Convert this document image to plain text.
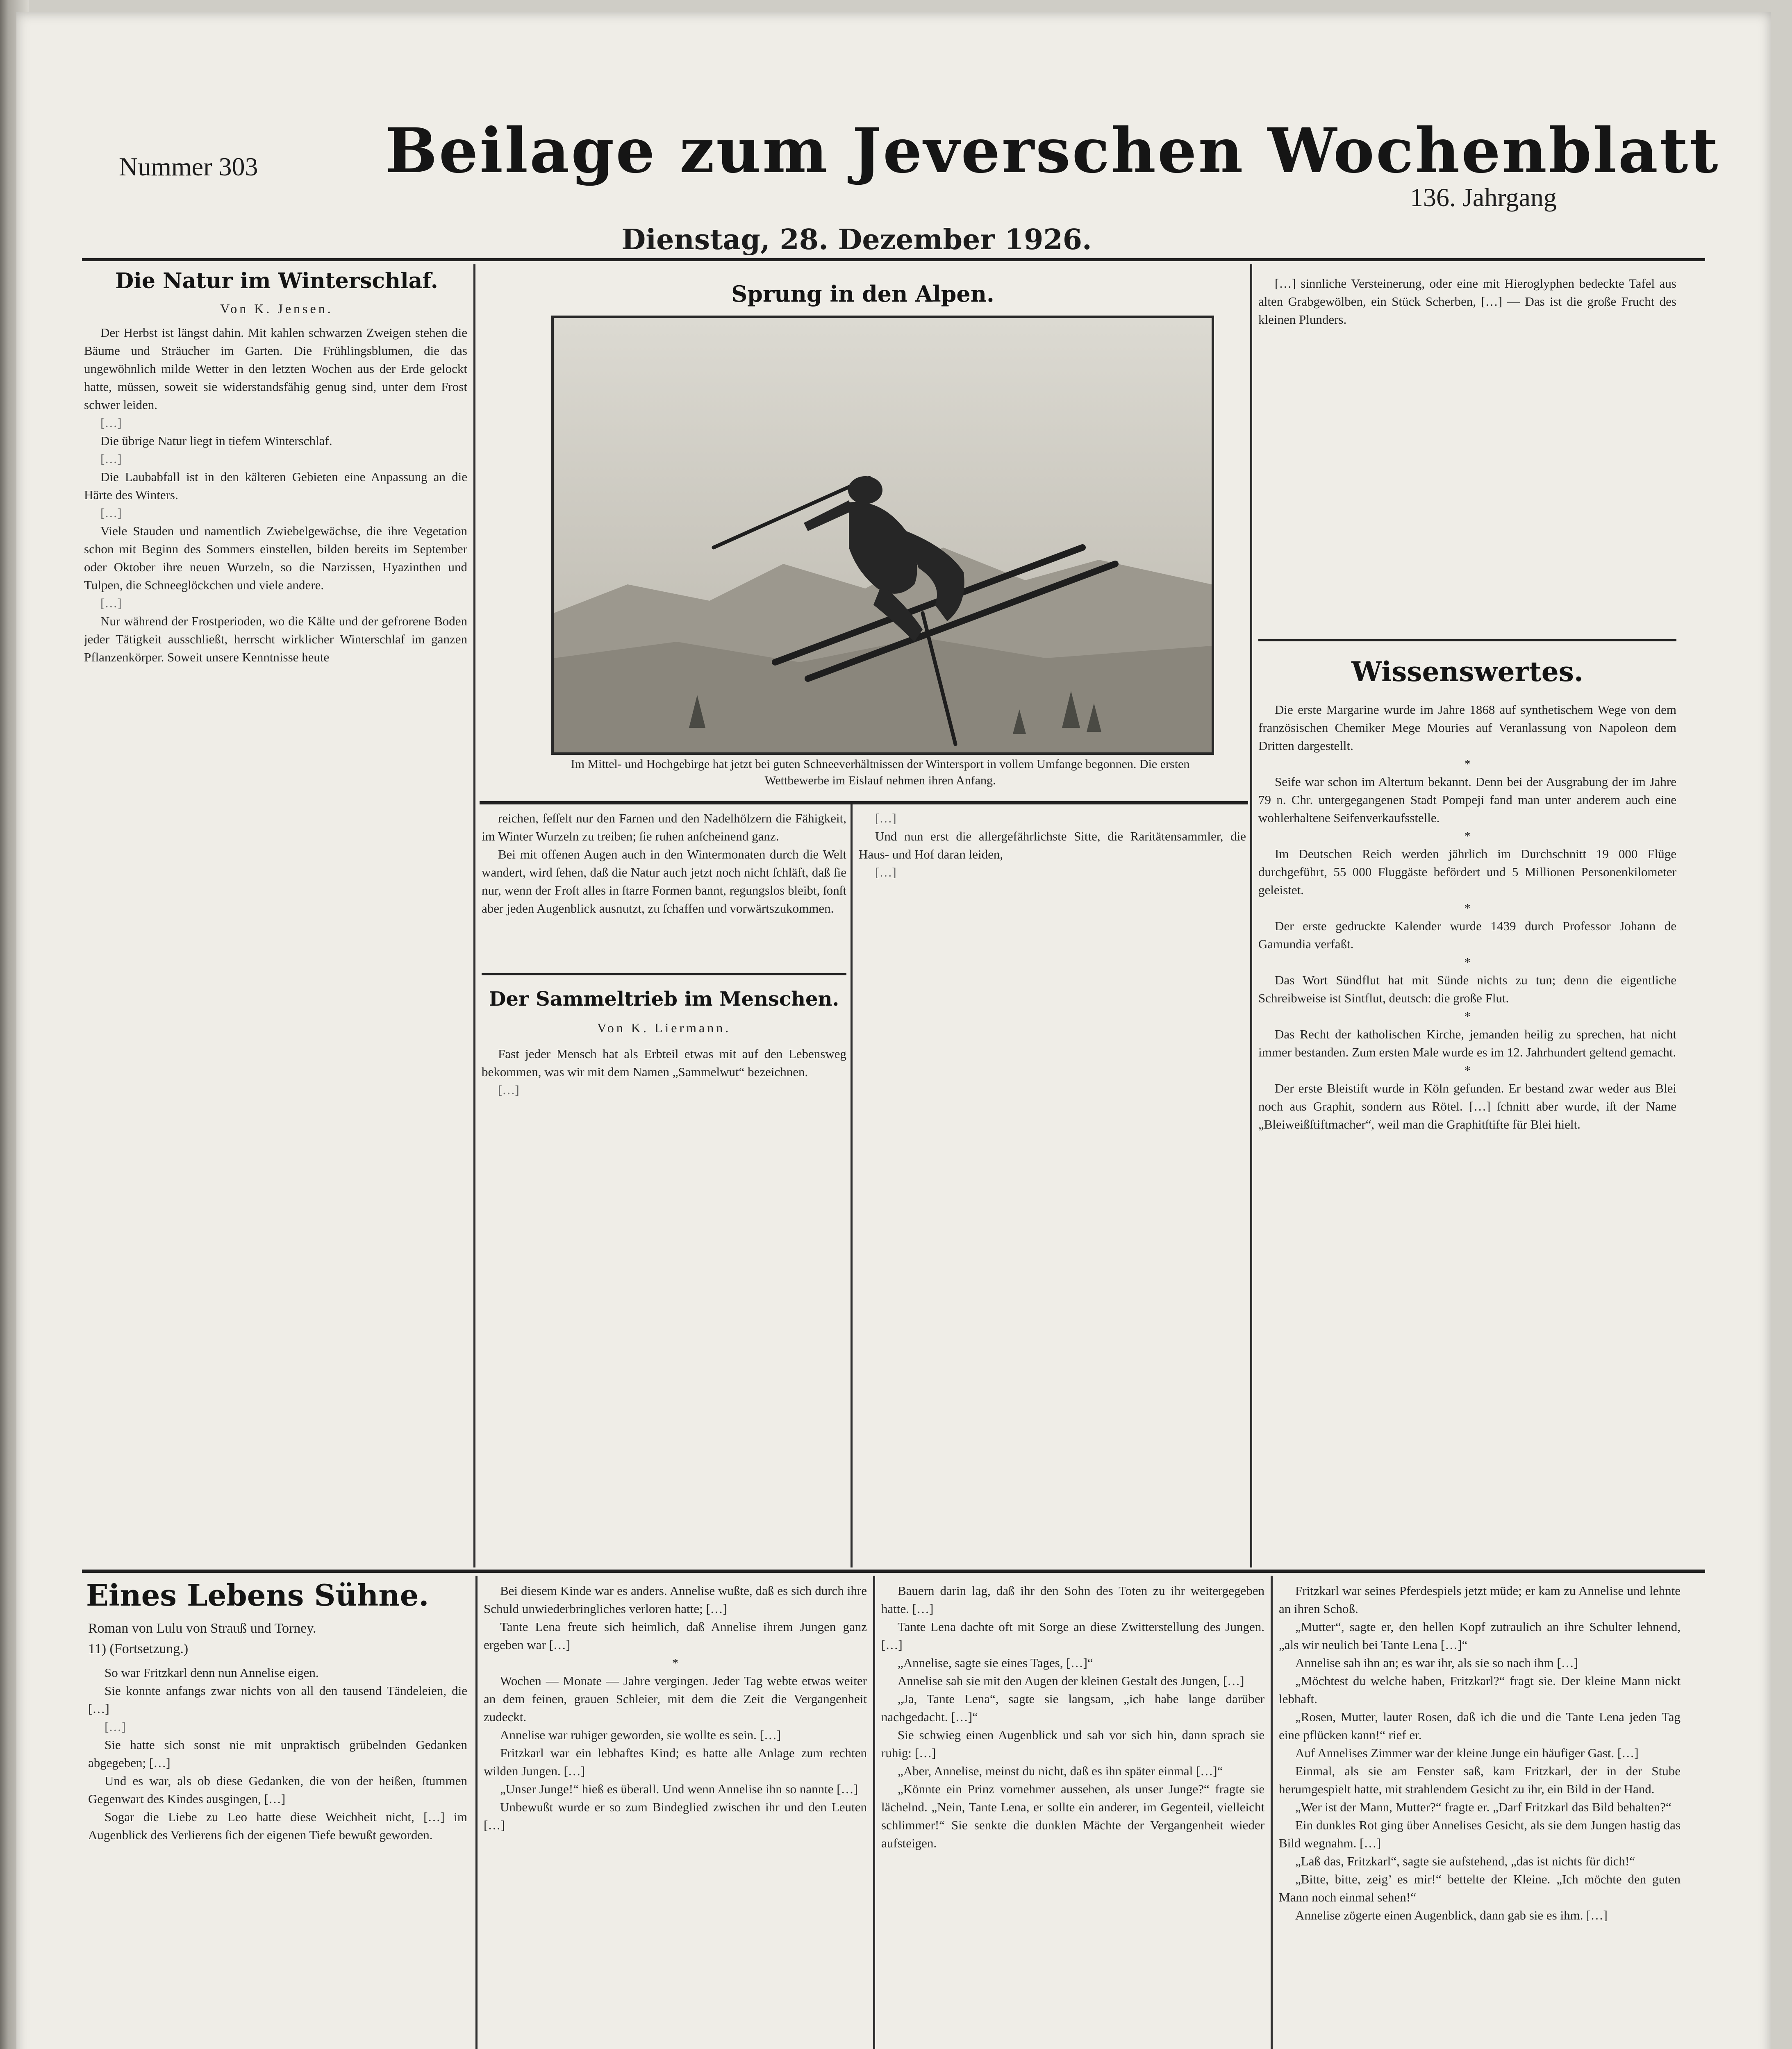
Nummer 303 Beilage zum Jeverschen Wochenblatt
136. Jahrgang
Dienstag, 28. Dezember 1926.
Die Natur im Winterschlaf.
Von K. Jensen.

Der Herbst ist längst dahin. Mit kahlen schwarzen Zweigen stehen die Bäume und Sträucher im Garten. Die Frühlingsblumen, die das ungewöhnlich milde Wetter in den letzten Wochen aus der Erde gelockt hatte, müssen, soweit sie widerstandsfähig genug sind, unter dem Frost schwer leiden.

[…]

Die übrige Natur liegt in tiefem Winterschlaf.

[…]

Die Laubabfall ist in den kälteren Gebieten eine Anpassung an die Härte des Winters.

[…]

Viele Stauden und namentlich Zwiebelgewächse, die ihre Vegetation schon mit Beginn des Sommers einstellen, bilden bereits im September oder Oktober ihre neuen Wurzeln, so die Narzissen, Hyazinthen und Tulpen, die Schneeglöckchen und viele andere.

[…]

Nur während der Frostperioden, wo die Kälte und der gefrorene Boden jeder Tätigkeit ausschließt, herrscht wirklicher Winterschlaf im ganzen Pflanzenkörper. Soweit unsere Kenntnisse heute

Sprung in den Alpen.
Im Mittel- und Hochgebirge hat jetzt bei guten Schneeverhältnissen der Wintersport in vollem Umfange begonnen. Die ersten Wettbewerbe im Eislauf nehmen ihren Anfang.

reichen, feſſelt nur den Farnen und den Nadelhölzern die Fähigkeit, im Winter Wurzeln zu treiben; ſie ruhen anſcheinend ganz.

Bei mit offenen Augen auch in den Wintermonaten durch die Welt wandert, wird ſehen, daß die Natur auch jetzt noch nicht ſchläft, daß ſie nur, wenn der Froſt alles in ſtarre Formen bannt, regungslos bleibt, ſonſt aber jeden Augenblick ausnutzt, zu ſchaffen und vorwärtszukommen.

Der Sammeltrieb im Menschen.
Von K. Liermann.

Fast jeder Mensch hat als Erbteil etwas mit auf den Lebensweg bekommen, was wir mit dem Namen „Sammelwut“ bezeichnen.

[…]

[…]

Und nun erst die allergefährlichste Sitte, die Raritätensammler, die Haus- und Hof daran leiden,

[…]

[…] sinnliche Versteinerung, oder eine mit Hieroglyphen bedeckte Tafel aus alten Grabgewölben, ein Stück Scherben, […] — Das ist die große Frucht des kleinen Plunders.

Wissenswertes.

Die erste Margarine wurde im Jahre 1868 auf synthetischem Wege von dem französischen Chemiker Mege Mouries auf Veranlassung von Napoleon dem Dritten dargestellt.

*

Seife war schon im Altertum bekannt. Denn bei der Ausgrabung der im Jahre 79 n. Chr. untergegangenen Stadt Pompeji fand man unter anderem auch eine wohlerhaltene Seifenverkaufsstelle.

*

Im Deutschen Reich werden jährlich im Durchschnitt 19 000 Flüge durchgeführt, 55 000 Fluggäste befördert und 5 Millionen Personenkilometer geleistet.

*

Der erste gedruckte Kalender wurde 1439 durch Professor Johann de Gamundia verfaßt.

*

Das Wort Sündflut hat mit Sünde nichts zu tun; denn die eigentliche Schreibweise ist Sintflut, deutsch: die große Flut.

*

Das Recht der katholischen Kirche, jemanden heilig zu sprechen, hat nicht immer bestanden. Zum ersten Male wurde es im 12. Jahrhundert geltend gemacht.

*

Der erste Bleistift wurde in Köln gefunden. Er bestand zwar weder aus Blei noch aus Graphit, sondern aus Rötel. […] ſchnitt aber wurde, iſt der Name „Bleiweißſtiftmacher“, weil man die Graphitſtifte für Blei hielt.

Eines Lebens Sühne.
Roman von Lulu von Strauß und Torney.
11) (Fortsetzung.)

So war Fritzkarl denn nun Annelise eigen.

Sie konnte anfangs zwar nichts von all den tausend Tändeleien, die […]

[…]

Sie hatte sich sonst nie mit unpraktisch grübelnden Gedanken abgegeben; […]

Und es war, als ob diese Gedanken, die von der heißen, ſtummen Gegenwart des Kindes ausgingen, […]

Sogar die Liebe zu Leo hatte diese Weichheit nicht, […] im Augenblick des Verlierens ſich der eigenen Tiefe bewußt geworden.

Bei diesem Kinde war es anders. Annelise wußte, daß es sich durch ihre Schuld unwiederbringliches verloren hatte; […]

Tante Lena freute sich heimlich, daß Annelise ihrem Jungen ganz ergeben war […]

*

Wochen — Monate — Jahre vergingen. Jeder Tag webte etwas weiter an dem feinen, grauen Schleier, mit dem die Zeit die Vergangenheit zudeckt.

Annelise war ruhiger geworden, sie wollte es sein. […]

Fritzkarl war ein lebhaftes Kind; es hatte alle Anlage zum rechten wilden Jungen. […]

„Unser Junge!“ hieß es überall. Und wenn Annelise ihn so nannte […]

Unbewußt wurde er so zum Bindeglied zwischen ihr und den Leuten […]

Bauern darin lag, daß ihr den Sohn des Toten zu ihr weitergegeben hatte. […]

Tante Lena dachte oft mit Sorge an diese Zwitterstellung des Jungen. […]

„Annelise, sagte sie eines Tages, […]“

Annelise sah sie mit den Augen der kleinen Gestalt des Jungen, […]

„Ja, Tante Lena“, sagte sie langsam, „ich habe lange darüber nachgedacht. […]“

Sie schwieg einen Augenblick und sah vor sich hin, dann sprach sie ruhig: […]

„Aber, Annelise, meinst du nicht, daß es ihn später einmal […]“

„Könnte ein Prinz vornehmer aussehen, als unser Junge?“ fragte sie lächelnd. „Nein, Tante Lena, er sollte ein anderer, im Gegenteil, vielleicht schlimmer!“ Sie senkte die dunklen Mächte der Vergangenheit wieder aufsteigen.

Fritzkarl war seines Pferdespiels jetzt müde; er kam zu Annelise und lehnte an ihren Schoß.

„Mutter“, sagte er, den hellen Kopf zutraulich an ihre Schulter lehnend, „als wir neulich bei Tante Lena […]“

Annelise sah ihn an; es war ihr, als sie so nach ihm […]

„Möchtest du welche haben, Fritzkarl?“ fragt sie. Der kleine Mann nickt lebhaft.

„Rosen, Mutter, lauter Rosen, daß ich die und die Tante Lena jeden Tag eine pflücken kann!“ rief er.

Auf Annelises Zimmer war der kleine Junge ein häufiger Gast. […]

Einmal, als sie am Fenster saß, kam Fritzkarl, der in der Stube herumgespielt hatte, mit strahlendem Gesicht zu ihr, ein Bild in der Hand.

„Wer ist der Mann, Mutter?“ fragte er. „Darf Fritzkarl das Bild behalten?“

Ein dunkles Rot ging über Annelises Gesicht, als sie dem Jungen hastig das Bild wegnahm. […]

„Laß das, Fritzkarl“, sagte sie aufstehend, „das ist nichts für dich!“

„Bitte, bitte, zeig’ es mir!“ bettelte der Kleine. „Ich möchte den guten Mann noch einmal sehen!“

Annelise zögerte einen Augenblick, dann gab sie es ihm. […]
